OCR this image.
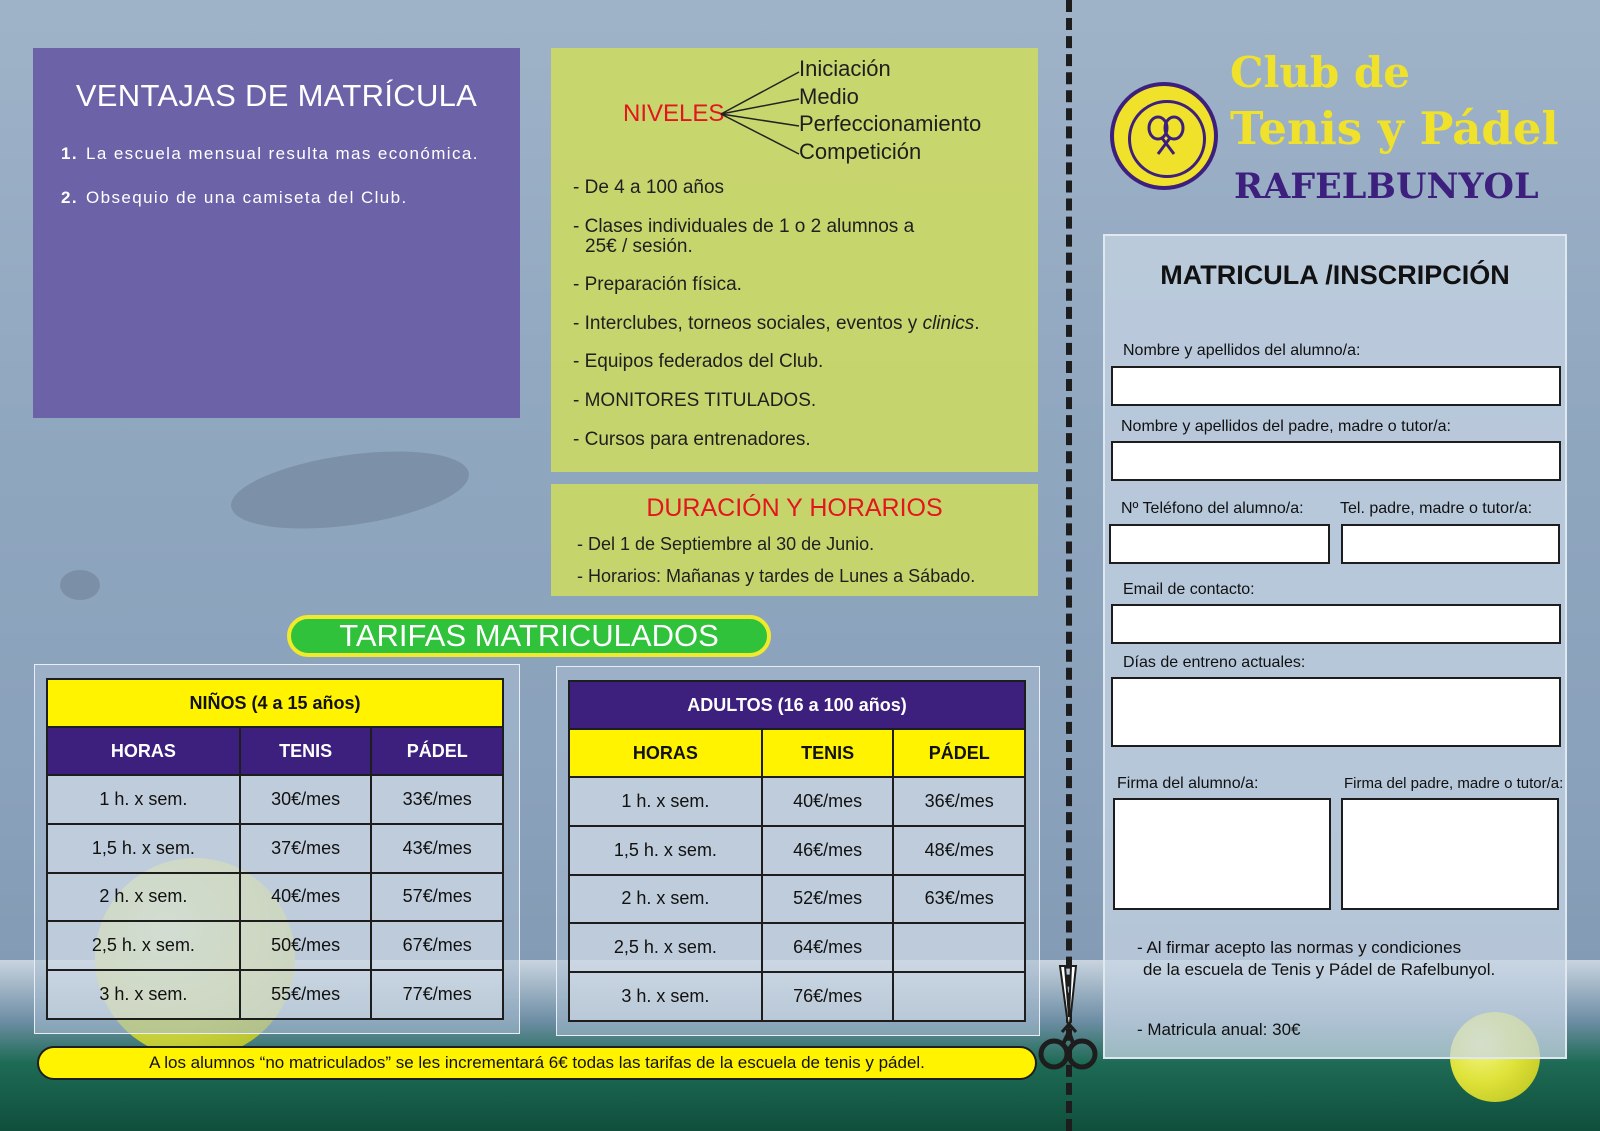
VENTAJAS DE MATRÍCULA
1. La escuela mensual resulta mas económica.
2. Obsequio de una camiseta del Club.
NIVELES
Iniciación
Medio
Perfeccionamiento
Competición
- De 4 a 100 años
- Clases individuales de 1 o 2 alumnos a
25€ / sesión.
- Preparación física.
- Interclubes, torneos sociales, eventos y clinics.
- Equipos federados del Club.
- MONITORES TITULADOS.
- Cursos para entrenadores.
DURACIÓN Y HORARIOS
- Del 1 de Septiembre al 30 de Junio.
- Horarios: Mañanas y tardes de Lunes a Sábado.
TARIFAS MATRICULADOS
NIÑOS (4 a 15 años)		
HORAS	TENIS	PÁDEL
1 h. x sem.	30€/mes	33€/mes
1,5 h. x sem.	37€/mes	43€/mes
2 h. x sem.	40€/mes	57€/mes
2,5 h. x sem.	50€/mes	67€/mes
3 h. x sem.	55€/mes	77€/mes
ADULTOS (16 a 100 años)		
HORAS	TENIS	PÁDEL
1 h. x sem.	40€/mes	36€/mes
1,5 h. x sem.	46€/mes	48€/mes
2 h. x sem.	52€/mes	63€/mes
2,5 h. x sem.	64€/mes	
3 h. x sem.	76€/mes	
A los alumnos “no matriculados” se les incrementará 6€ todas las tarifas de la escuela de tenis y pádel.
Club de
Tenis y Pádel
RAFELBUNYOL
MATRICULA /INSCRIPCIÓN
Nombre y apellidos del alumno/a:
Nombre y apellidos del padre, madre o tutor/a:
Nº Teléfono del alumno/a: Tel. padre, madre o tutor/a:
Email de contacto:
Días de entreno actuales:
Firma del alumno/a:	Firma del padre, madre o tutor/a:
- Al firmar acepto las normas y condiciones
de la escuela de Tenis y Pádel de Rafelbunyol.
- Matricula anual: 30€
